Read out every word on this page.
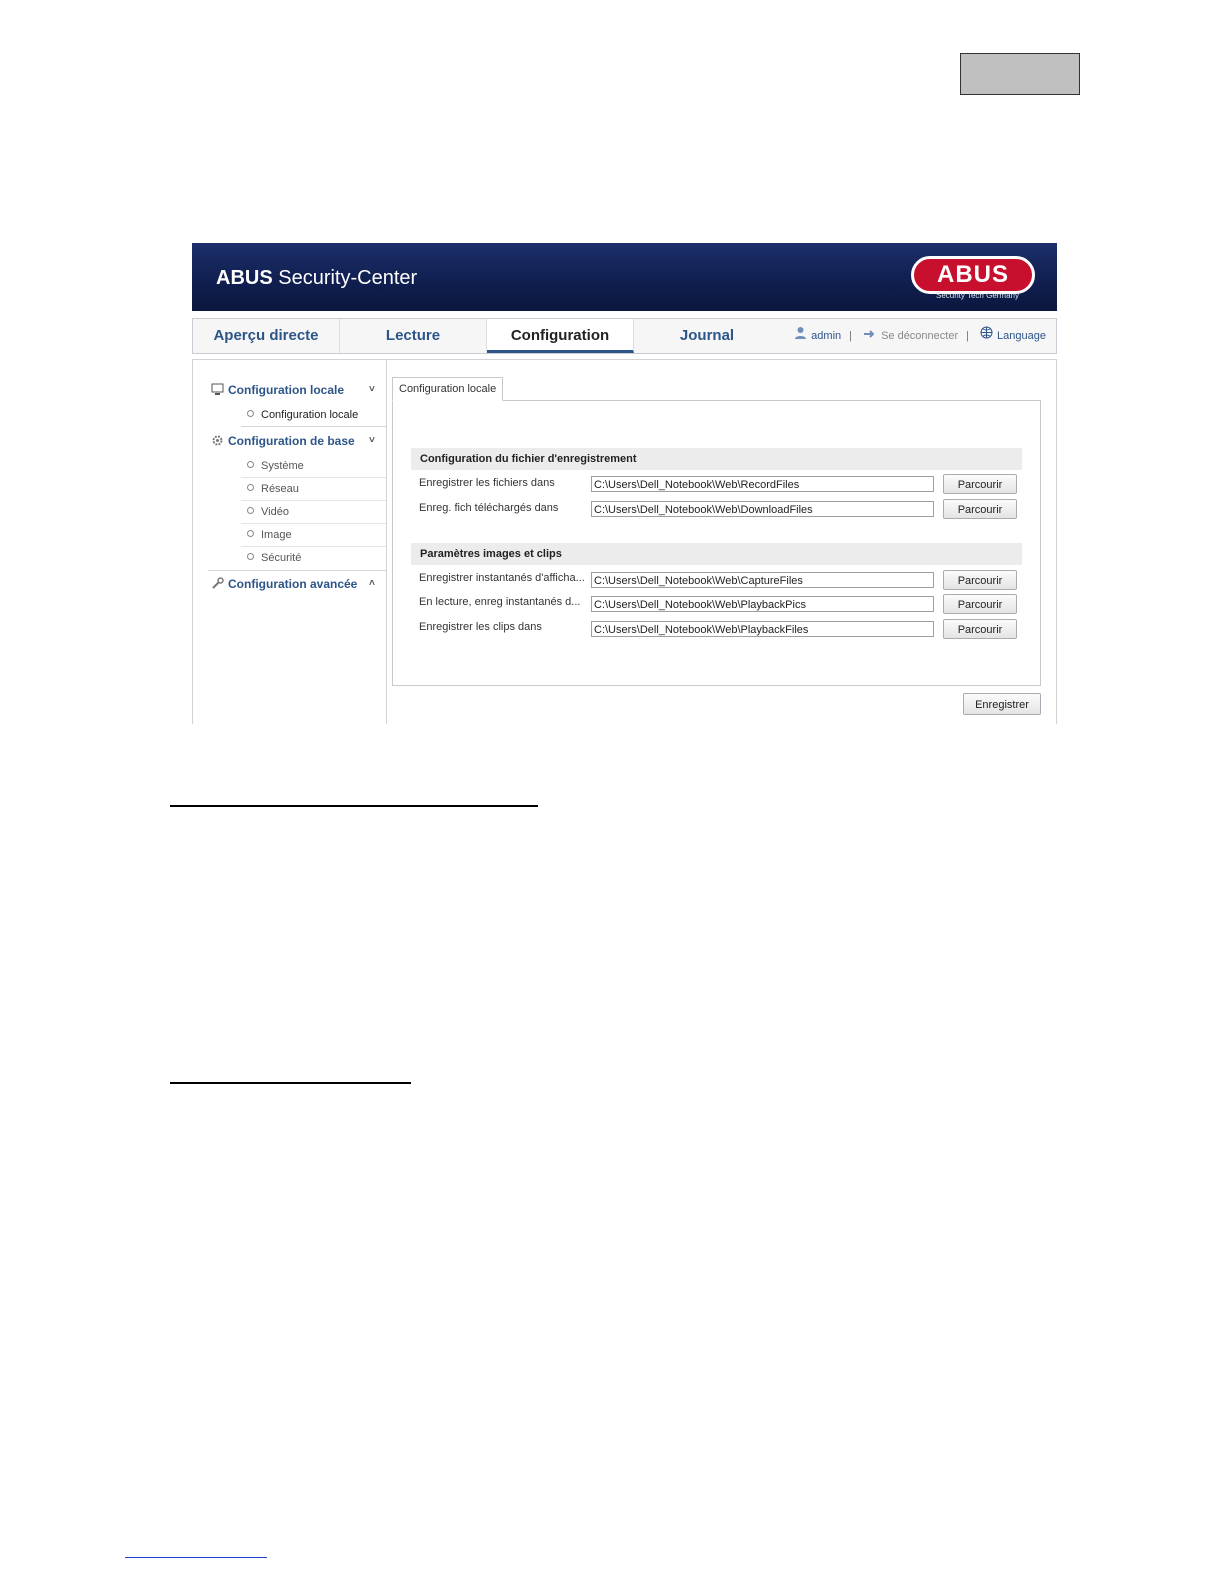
ABUS Security-Center	ABUS
Security Tech Germany
Aperçu directe	Lecture	Configuration	Journal	admin |	Se déconnecter |	Language
Configuration locale ˅
Configuration locale
Configuration de base ˅
Système
Réseau
Vidéo
Image
Sécurité
Configuration avancée ˄
Configuration locale
Configuration du fichier d'enregistrement
Enregistrer les fichiers dans	C:\Users\Dell_Notebook\Web\RecordFiles	Parcourir
Enreg. fich téléchargés dans	C:\Users\Dell_Notebook\Web\DownloadFiles	Parcourir
Paramètres images et clips
Enregistrer instantanés d'afficha... C:\Users\Dell_Notebook\Web\CaptureFiles	Parcourir
En lecture, enreg instantanés d... C:\Users\Dell_Notebook\Web\PlaybackPics	Parcourir
Enregistrer les clips dans	C:\Users\Dell_Notebook\Web\PlaybackFiles	Parcourir
Enregistrer
